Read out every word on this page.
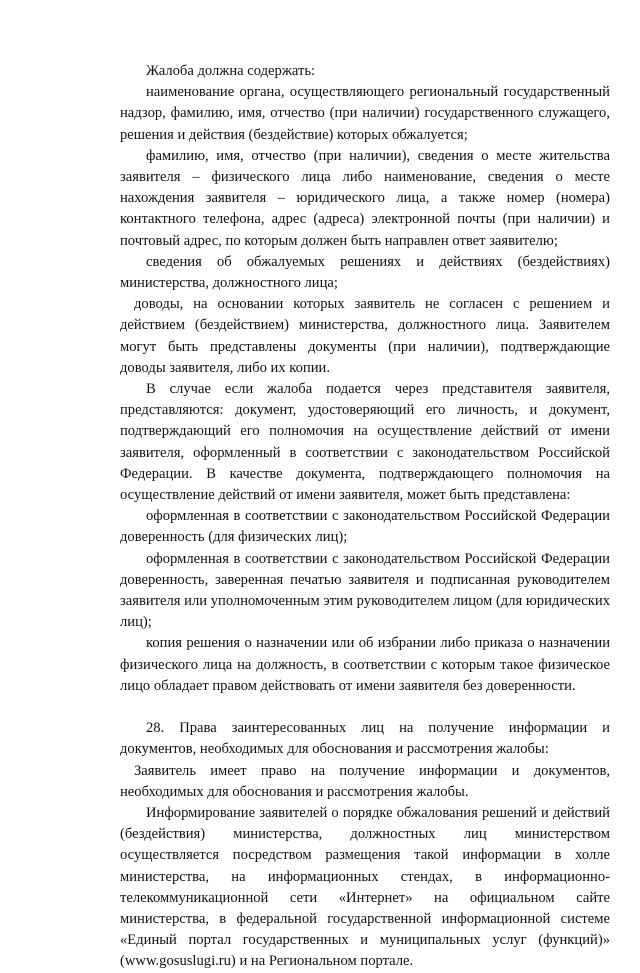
Жалоба должна содержать:

наименование органа, осуществляющего региональный государственный надзор, фамилию, имя, отчество (при наличии) государственного служащего, решения и действия (бездействие) которых обжалуется;

фамилию, имя, отчество (при наличии), сведения о месте жительства заявителя – физического лица либо наименование, сведения о месте нахождения заявителя – юридического лица, а также номер (номера) контактного телефона, адрес (адреса) электронной почты (при наличии) и почтовый адрес, по которым должен быть направлен ответ заявителю;

сведения об обжалуемых решениях и действиях (бездействиях) министерства, должностного лица;

доводы, на основании которых заявитель не согласен с решением и действием (бездействием) министерства, должностного лица. Заявителем могут быть представлены документы (при наличии), подтверждающие доводы заявителя, либо их копии.

В случае если жалоба подается через представителя заявителя, представляются: документ, удостоверяющий его личность, и документ, подтверждающий его полномочия на осуществление действий от имени заявителя, оформленный в соответствии с законодательством Российской Федерации. В качестве документа, подтверждающего полномочия на осуществление действий от имени заявителя, может быть представлена:

оформленная в соответствии с законодательством Российской Федерации доверенность (для физических лиц);

оформленная в соответствии с законодательством Российской Федерации доверенность, заверенная печатью заявителя и подписанная руководителем заявителя или уполномоченным этим руководителем лицом (для юридических лиц);

копия решения о назначении или об избрании либо приказа о назначении физического лица на должность, в соответствии с которым такое физическое лицо обладает правом действовать от имени заявителя без доверенности.

28. Права заинтересованных лиц на получение информации и документов, необходимых для обоснования и рассмотрения жалобы:

Заявитель имеет право на получение информации и документов, необходимых для обоснования и рассмотрения жалобы.

Информирование заявителей о порядке обжалования решений и действий (бездействия) министерства, должностных лиц министерством осуществляется посредством размещения такой информации в холле министерства, на информационных стендах, в информационно-телекоммуникационной сети «Интернет» на официальном сайте министерства, в федеральной государственной информационной системе «Единый портал государственных и муниципальных услуг (функций)» (www.gosuslugi.ru) и на Региональном портале.
